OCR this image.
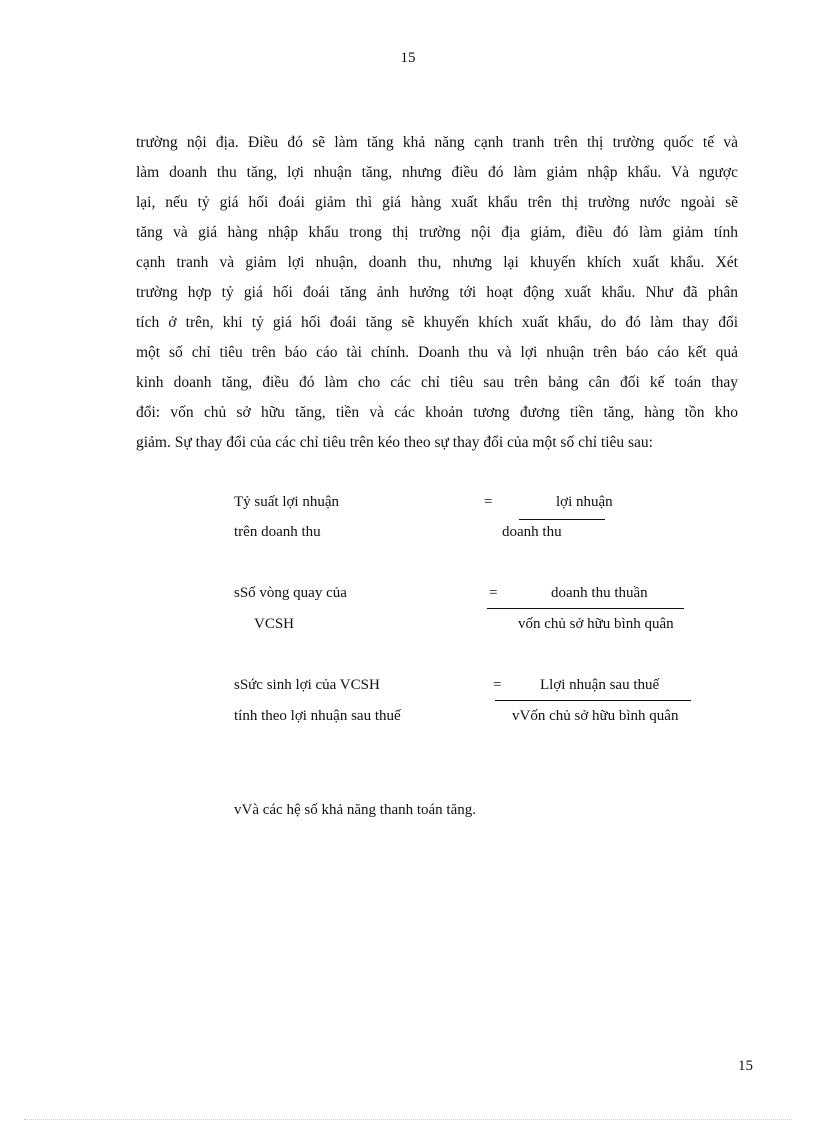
15
trường nội địa. Điều đó sẽ làm tăng khả năng cạnh tranh trên thị trường quốc tế và
làm doanh thu tăng, lợi nhuận tăng, nhưng điều đó làm giảm nhập khẩu. Và ngược
lại, nếu tỷ giá hối đoái giảm thì giá hàng xuất khẩu trên thị trường nước ngoài sẽ
tăng và giá hàng nhập khẩu trong thị trường nội địa giảm, điều đó làm giảm tính
cạnh tranh và giảm lợi nhuận, doanh thu, nhưng lại khuyến khích xuất khẩu. Xét
trường hợp tỷ giá hối đoái tăng ảnh hưởng tới hoạt động xuất khẩu. Như đã phân
tích ở trên, khi tỷ giá hối đoái tăng sẽ khuyến khích xuất khẩu, do đó làm thay đổi
một số chỉ tiêu trên báo cáo tài chính. Doanh thu và lợi nhuận trên báo cáo kết quả
kinh doanh tăng, điều đó làm cho các chỉ tiêu sau trên bảng cân đối kế toán thay
đổi: vốn chủ sở hữu tăng, tiền và các khoản tương đương tiền tăng, hàng tồn kho
giảm. Sự thay đổi của các chỉ tiêu trên kéo theo sự thay đổi của một số chỉ tiêu sau:
Tỷ suất lợi nhuận
trên doanh thu
=	lợi nhuận
doanh thu
sSố vòng quay của
VCSH
=	doanh thu thuần
vốn chủ sở hữu bình quân
sSức sinh lợi của VCSH
tính theo lợi nhuận sau thuế
=	Llợi nhuận sau thuế
vVốn chủ sở hữu bình quân
vVà các hệ số khả năng thanh toán tăng.
15
